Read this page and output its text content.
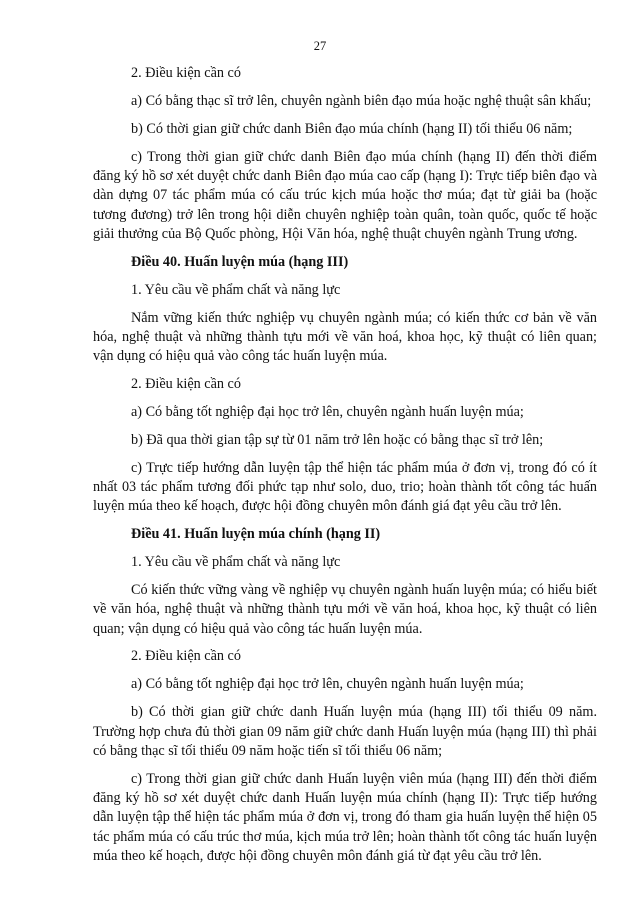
27

2. Điều kiện cần có

a) Có bằng thạc sĩ trở lên, chuyên ngành biên đạo múa hoặc nghệ thuật sân khấu;

b) Có thời gian giữ chức danh Biên đạo múa chính (hạng II) tối thiểu 06 năm;

c) Trong thời gian giữ chức danh Biên đạo múa chính (hạng II) đến thời điểm đăng ký hồ sơ xét duyệt chức danh Biên đạo múa cao cấp (hạng I): Trực tiếp biên đạo và dàn dựng 07 tác phẩm múa có cấu trúc kịch múa hoặc thơ múa; đạt từ giải ba (hoặc tương đương) trở lên trong hội diễn chuyên nghiệp toàn quân, toàn quốc, quốc tế hoặc giải thưởng của Bộ Quốc phòng, Hội Văn hóa, nghệ thuật chuyên ngành Trung ương.

Điều 40. Huấn luyện múa (hạng III)

1. Yêu cầu về phẩm chất và năng lực

Nắm vững kiến thức nghiệp vụ chuyên ngành múa; có kiến thức cơ bản về văn hóa, nghệ thuật và những thành tựu mới về văn hoá, khoa học, kỹ thuật có liên quan; vận dụng có hiệu quả vào công tác huấn luyện múa.

2. Điều kiện cần có

a) Có bằng tốt nghiệp đại học trở lên, chuyên ngành huấn luyện múa;

b) Đã qua thời gian tập sự từ 01 năm trở lên hoặc có bằng thạc sĩ trở lên;

c) Trực tiếp hướng dẫn luyện tập thể hiện tác phẩm múa ở đơn vị, trong đó có ít nhất 03 tác phẩm tương đối phức tạp như solo, duo, trio; hoàn thành tốt công tác huấn luyện múa theo kế hoạch, được hội đồng chuyên môn đánh giá đạt yêu cầu trở lên.

Điều 41. Huấn luyện múa chính (hạng II)

1. Yêu cầu về phẩm chất và năng lực

Có kiến thức vững vàng về nghiệp vụ chuyên ngành huấn luyện múa; có hiểu biết về văn hóa, nghệ thuật và những thành tựu mới về văn hoá, khoa học, kỹ thuật có liên quan; vận dụng có hiệu quả vào công tác huấn luyện múa.

2. Điều kiện cần có

a) Có bằng tốt nghiệp đại học trở lên, chuyên ngành huấn luyện múa;

b) Có thời gian giữ chức danh Huấn luyện múa (hạng III) tối thiểu 09 năm. Trường hợp chưa đủ thời gian 09 năm giữ chức danh Huấn luyện múa (hạng III) thì phải có bằng thạc sĩ tối thiểu 09 năm hoặc tiến sĩ tối thiểu 06 năm;

c) Trong thời gian giữ chức danh Huấn luyện viên múa (hạng III) đến thời điểm đăng ký hồ sơ xét duyệt chức danh Huấn luyện múa chính (hạng II): Trực tiếp hướng dẫn luyện tập thể hiện tác phẩm múa ở đơn vị, trong đó tham gia huấn luyện thể hiện 05 tác phẩm múa có cấu trúc thơ múa, kịch múa trở lên; hoàn thành tốt công tác huấn luyện múa theo kế hoạch, được hội đồng chuyên môn đánh giá từ đạt yêu cầu trở lên.
